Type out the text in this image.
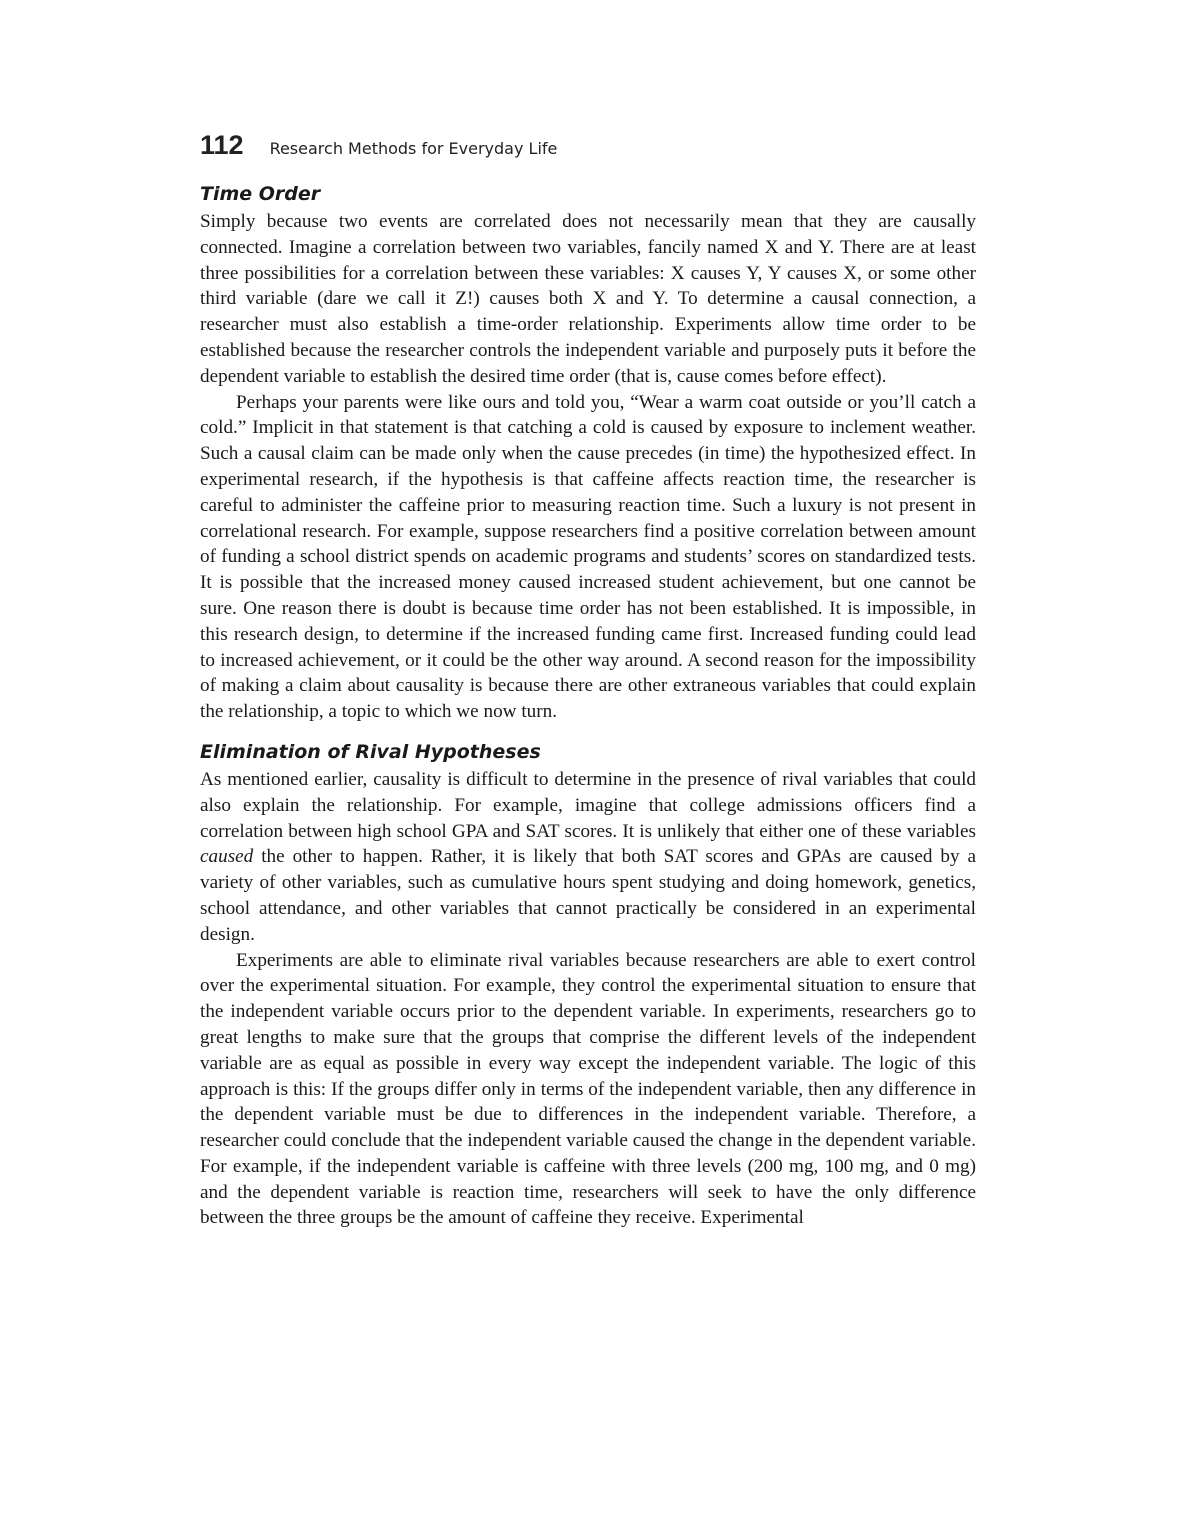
112 Research Methods for Everyday Life
Time Order

Simply because two events are correlated does not necessarily mean that they are causally connected. Imagine a correlation between two variables, fancily named X and Y. There are at least three possibilities for a correlation between these variables: X causes Y, Y causes X, or some other third variable (dare we call it Z!) causes both X and Y. To determine a causal connection, a researcher must also establish a time-order relationship. Experiments allow time order to be established because the researcher controls the independent variable and purposely puts it before the dependent variable to establish the desired time order (that is, cause comes before effect).

Perhaps your parents were like ours and told you, “Wear a warm coat outside or you’ll catch a cold.” Implicit in that statement is that catching a cold is caused by exposure to inclement weather. Such a causal claim can be made only when the cause precedes (in time) the hypothesized effect. In experimental research, if the hypothesis is that caffeine affects reaction time, the researcher is careful to administer the caffeine prior to measuring reaction time. Such a luxury is not present in correlational research. For example, suppose researchers find a positive correlation between amount of funding a school district spends on academic programs and students’ scores on standardized tests. It is possible that the increased money caused increased student achievement, but one cannot be sure. One reason there is doubt is because time order has not been established. It is impossible, in this research design, to determine if the increased funding came first. Increased funding could lead to increased achievement, or it could be the other way around. A second reason for the impossibility of making a claim about causality is because there are other extraneous variables that could explain the relationship, a topic to which we now turn.

Elimination of Rival Hypotheses

As mentioned earlier, causality is difficult to determine in the presence of rival variables that could also explain the relationship. For example, imagine that college admissions officers find a correlation between high school GPA and SAT scores. It is unlikely that either one of these variables caused the other to happen. Rather, it is likely that both SAT scores and GPAs are caused by a variety of other variables, such as cumulative hours spent studying and doing homework, genetics, school attendance, and other variables that cannot practically be considered in an experimental design.

Experiments are able to eliminate rival variables because researchers are able to exert control over the experimental situation. For example, they control the experimental situation to ensure that the independent variable occurs prior to the dependent variable. In experiments, researchers go to great lengths to make sure that the groups that comprise the different levels of the independent variable are as equal as possible in every way except the independent variable. The logic of this approach is this: If the groups differ only in terms of the independent variable, then any difference in the dependent variable must be due to differences in the independent variable. Therefore, a researcher could conclude that the independent variable caused the change in the dependent variable. For example, if the independent variable is caffeine with three levels (200 mg, 100 mg, and 0 mg) and the dependent variable is reaction time, researchers will seek to have the only difference between the three groups be the amount of caffeine they receive. Experimental
